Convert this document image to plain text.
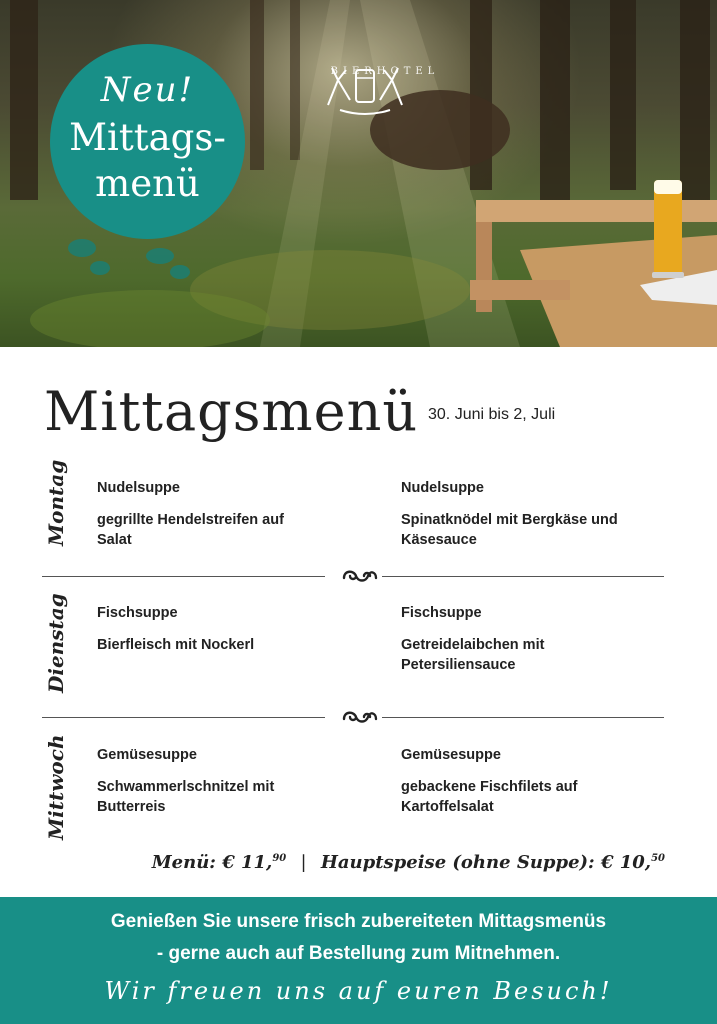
Neu!
Mittags-
menü
BIERHOTEL
Mittagsmenü 30. Juni bis 2, Juli
Montag Nudelsuppe
gegrillte Hendelstreifen auf
Salat
Nudelsuppe
Spinatknödel mit Bergkäse und
Käsesauce
Dienstag Fischsuppe
Bierfleisch mit Nockerl
Fischsuppe
Getreidelaibchen mit
Petersiliensauce
Mittwoch Gemüsesuppe
Schwammerlschnitzel mit
Butterreis
Gemüsesuppe
gebackene Fischfilets auf
Kartoffelsalat
Menü: € 11,90 | Hauptspeise (ohne Suppe): € 10,50
Genießen Sie unsere frisch zubereiteten Mittagsmenüs
- gerne auch auf Bestellung zum Mitnehmen.
Wir freuen uns auf euren Besuch!
